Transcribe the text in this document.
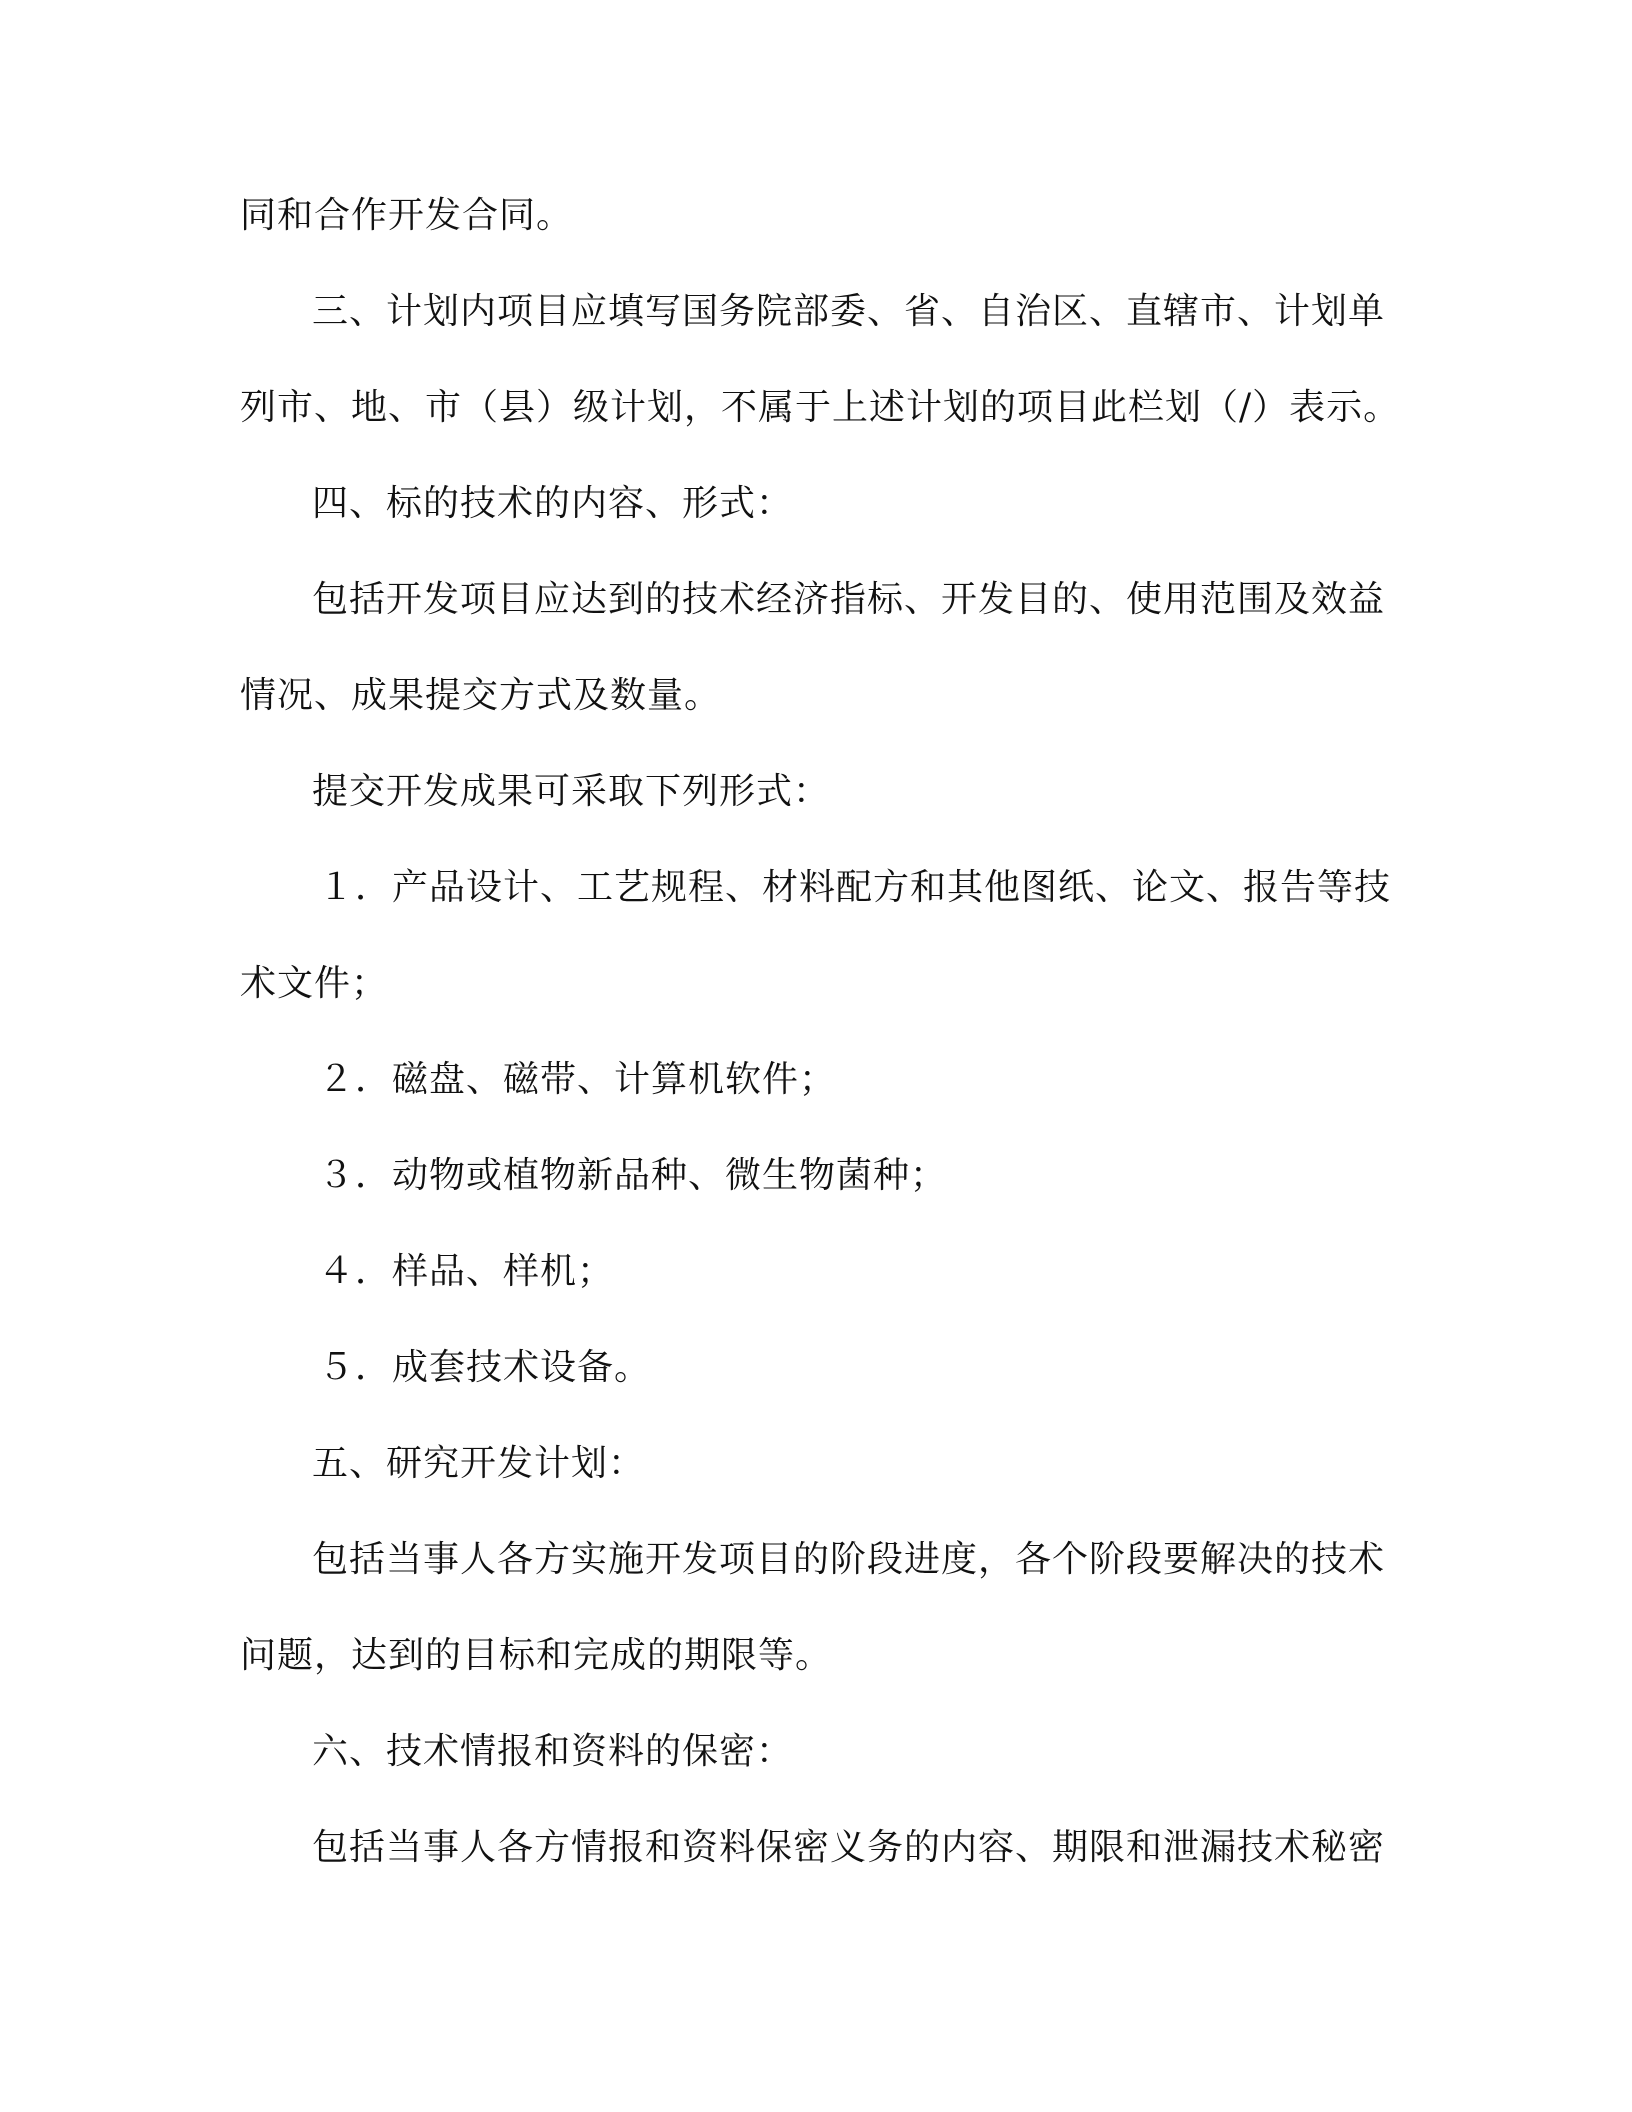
同和合作开发合同。
三、计划内项目应填写国务院部委、省、自治区、直辖市、计划单
列市、地、市（县）级计划，不属于上述计划的项目此栏划（/）表示。
四、标的技术的内容、形式：
包括开发项目应达到的技术经济指标、开发目的、使用范围及效益
情况、成果提交方式及数量。
提交开发成果可采取下列形式：
１．产品设计、工艺规程、材料配方和其他图纸、论文、报告等技
术文件；
２．磁盘、磁带、计算机软件；
３．动物或植物新品种、微生物菌种；
４．样品、样机；
５．成套技术设备。
五、研究开发计划：
包括当事人各方实施开发项目的阶段进度，各个阶段要解决的技术
问题，达到的目标和完成的期限等。
六、技术情报和资料的保密：
包括当事人各方情报和资料保密义务的内容、期限和泄漏技术秘密
